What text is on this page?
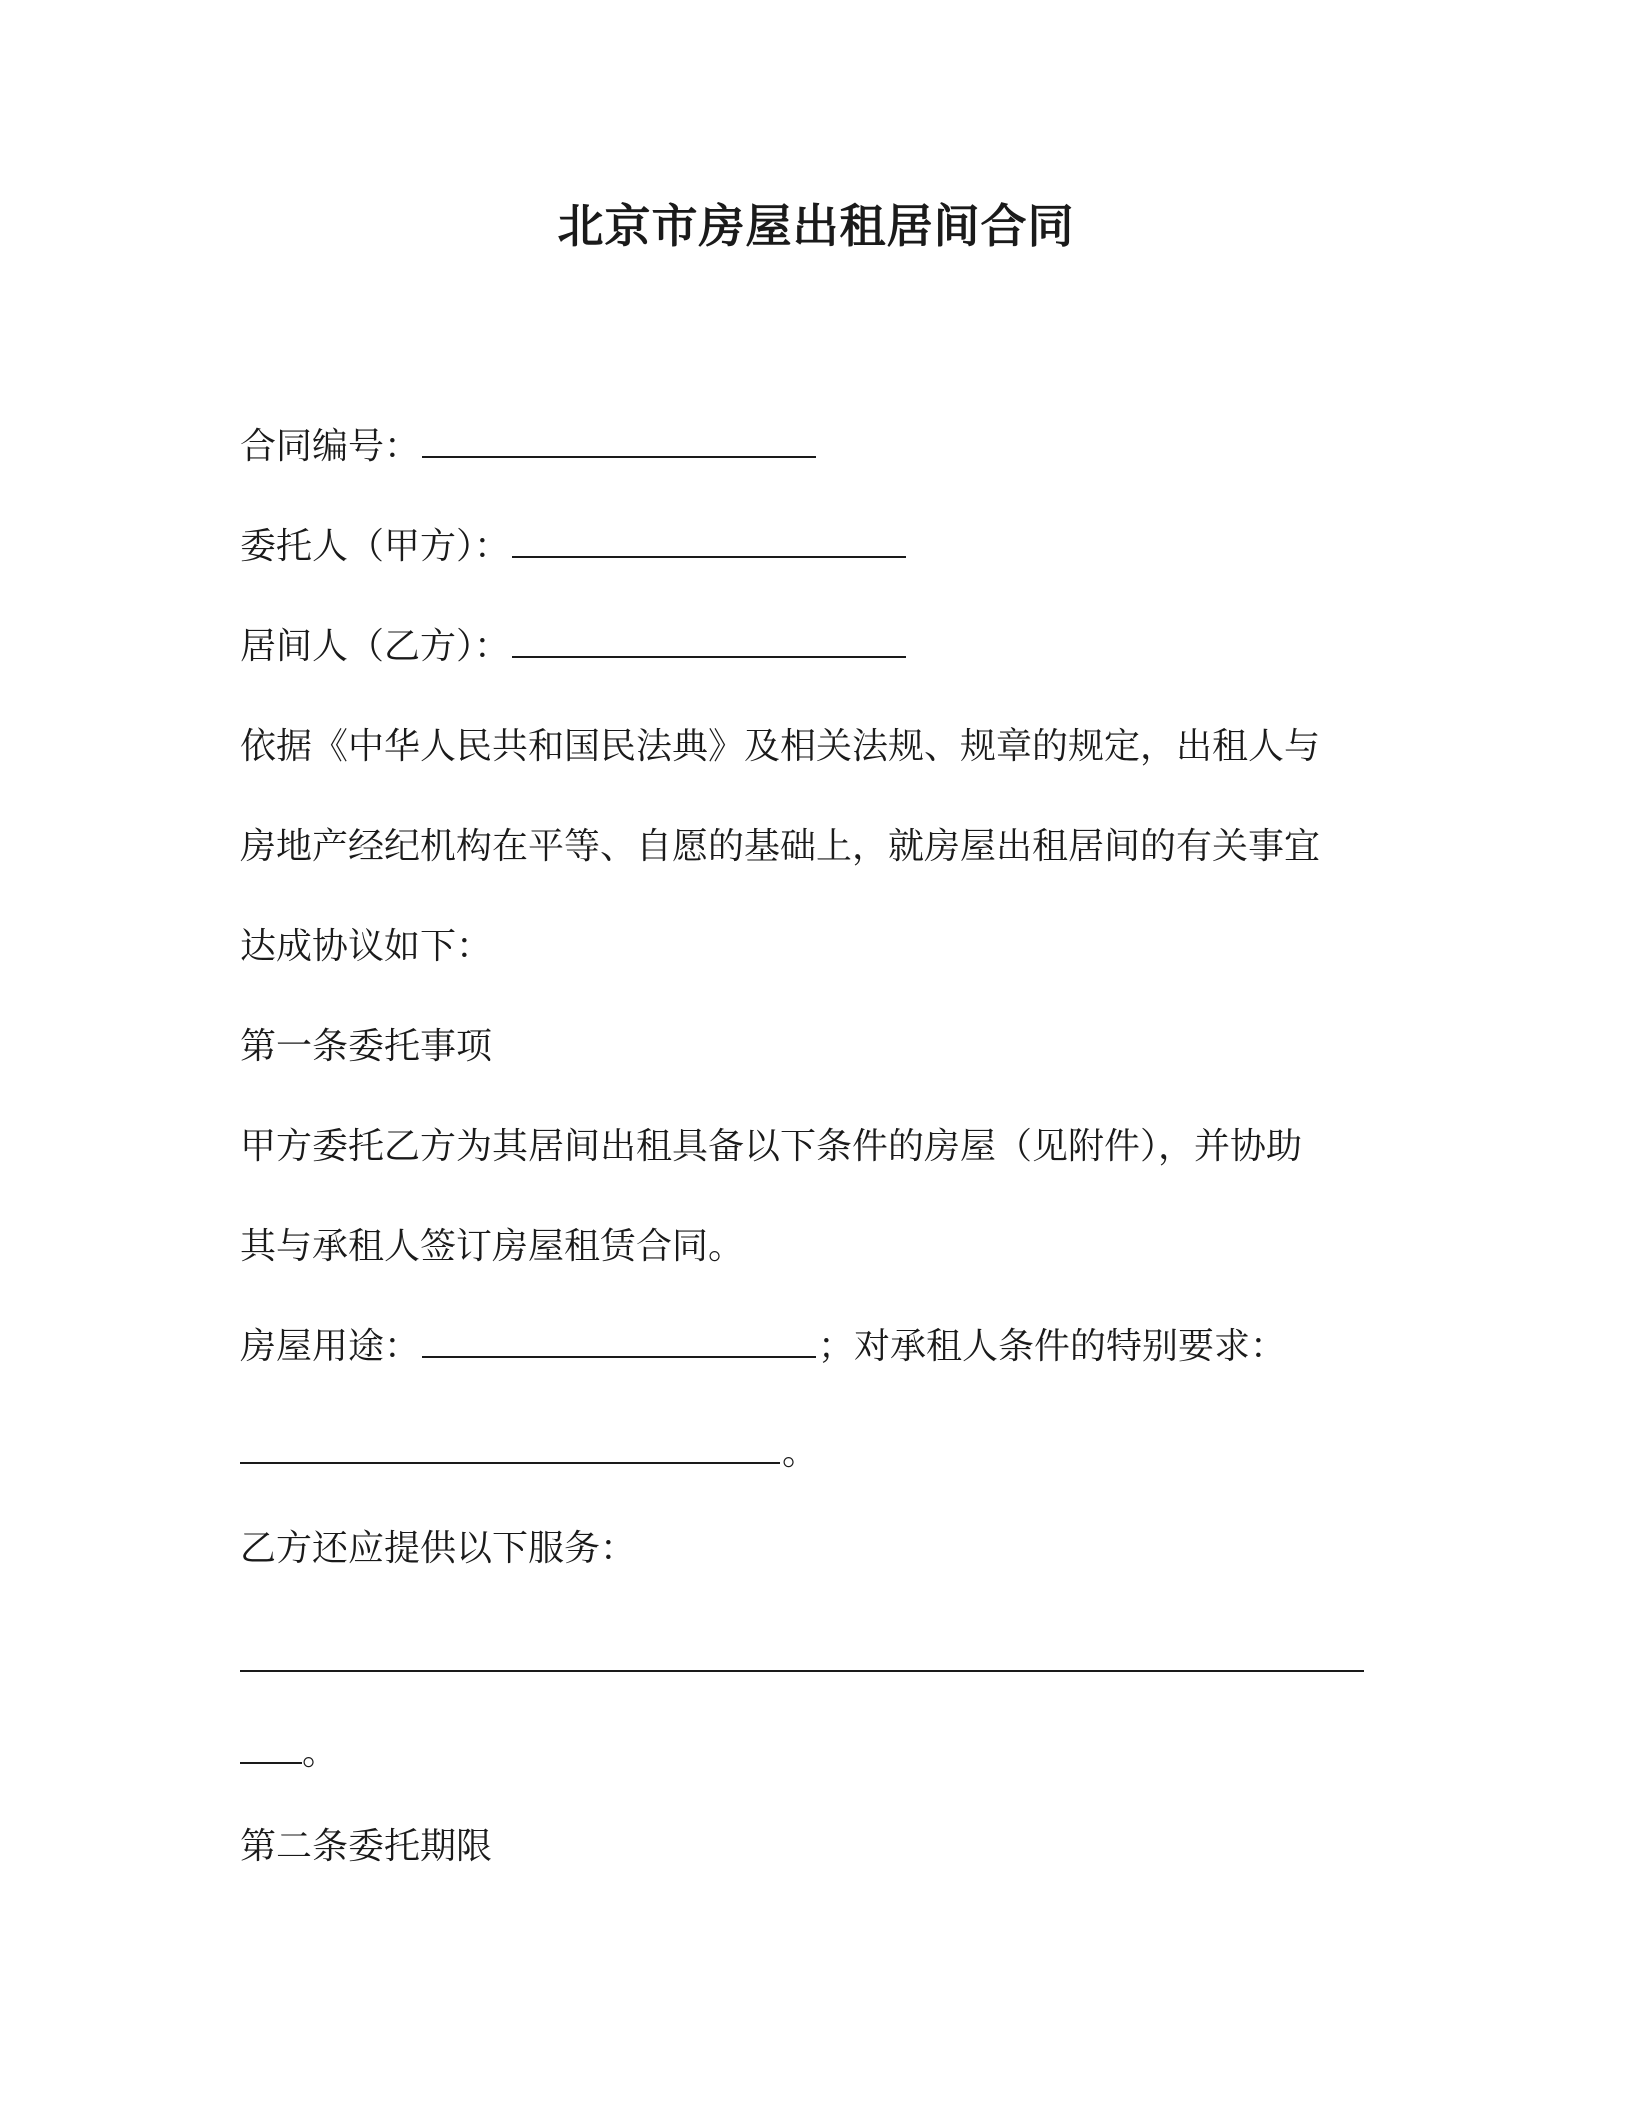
北京市房屋出租居间合同
合同编号：
委托人（甲方）：
居间人（乙方）：
依据《中华人民共和国民法典》及相关法规、规章的规定，出租人与
房地产经纪机构在平等、自愿的基础上，就房屋出租居间的有关事宜
达成协议如下：
第一条委托事项
甲方委托乙方为其居间出租具备以下条件的房屋（见附件），并协助
其与承租人签订房屋租赁合同。
房屋用途：	；对承租人条件的特别要求：
。
乙方还应提供以下服务：
。
第二条委托期限
